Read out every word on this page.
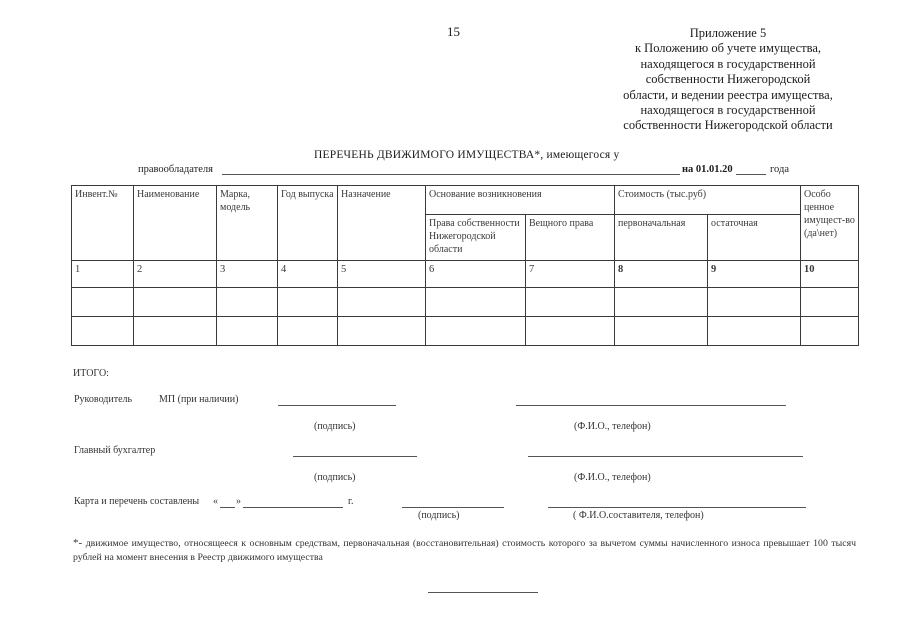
15	Приложение 5
к Положению об учете имущества,
находящегося в государственной
собственности Нижегородской
области, и ведении реестра имущества,
находящегося в государственной
собственности Нижегородской области
ПЕРЕЧЕНЬ ДВИЖИМОГО ИМУЩЕСТВА*, имеющегося у
правообладателя	на 01.01.20	года
Инвент.№	Наименование	Марка, модель	Год выпуска	Назначение	Основание возникновения		Стоимость (тыс.руб)		Особо ценное имущест-во (да\нет)
					Права собственности Нижегородской области	Вещного права			
							первоначальная	остаточная	
1	2	3	4	5	6	7	8	9	10

ИТОГО:
Руководитель	МП (при наличии)
(подпись)	(Ф.И.О., телефон)
Главный бухгалтер
(подпись)	(Ф.И.О., телефон)
Карта и перечень составлены « »	г.
(подпись)	( Ф.И.О.составителя, телефон)
*- движимое имущество, относящееся к основным средствам, первоначальная (восстановительная) стоимость которого за вычетом суммы начисленного износа превышает 100 тысяч рублей на момент внесения в Реестр движимого имущества
